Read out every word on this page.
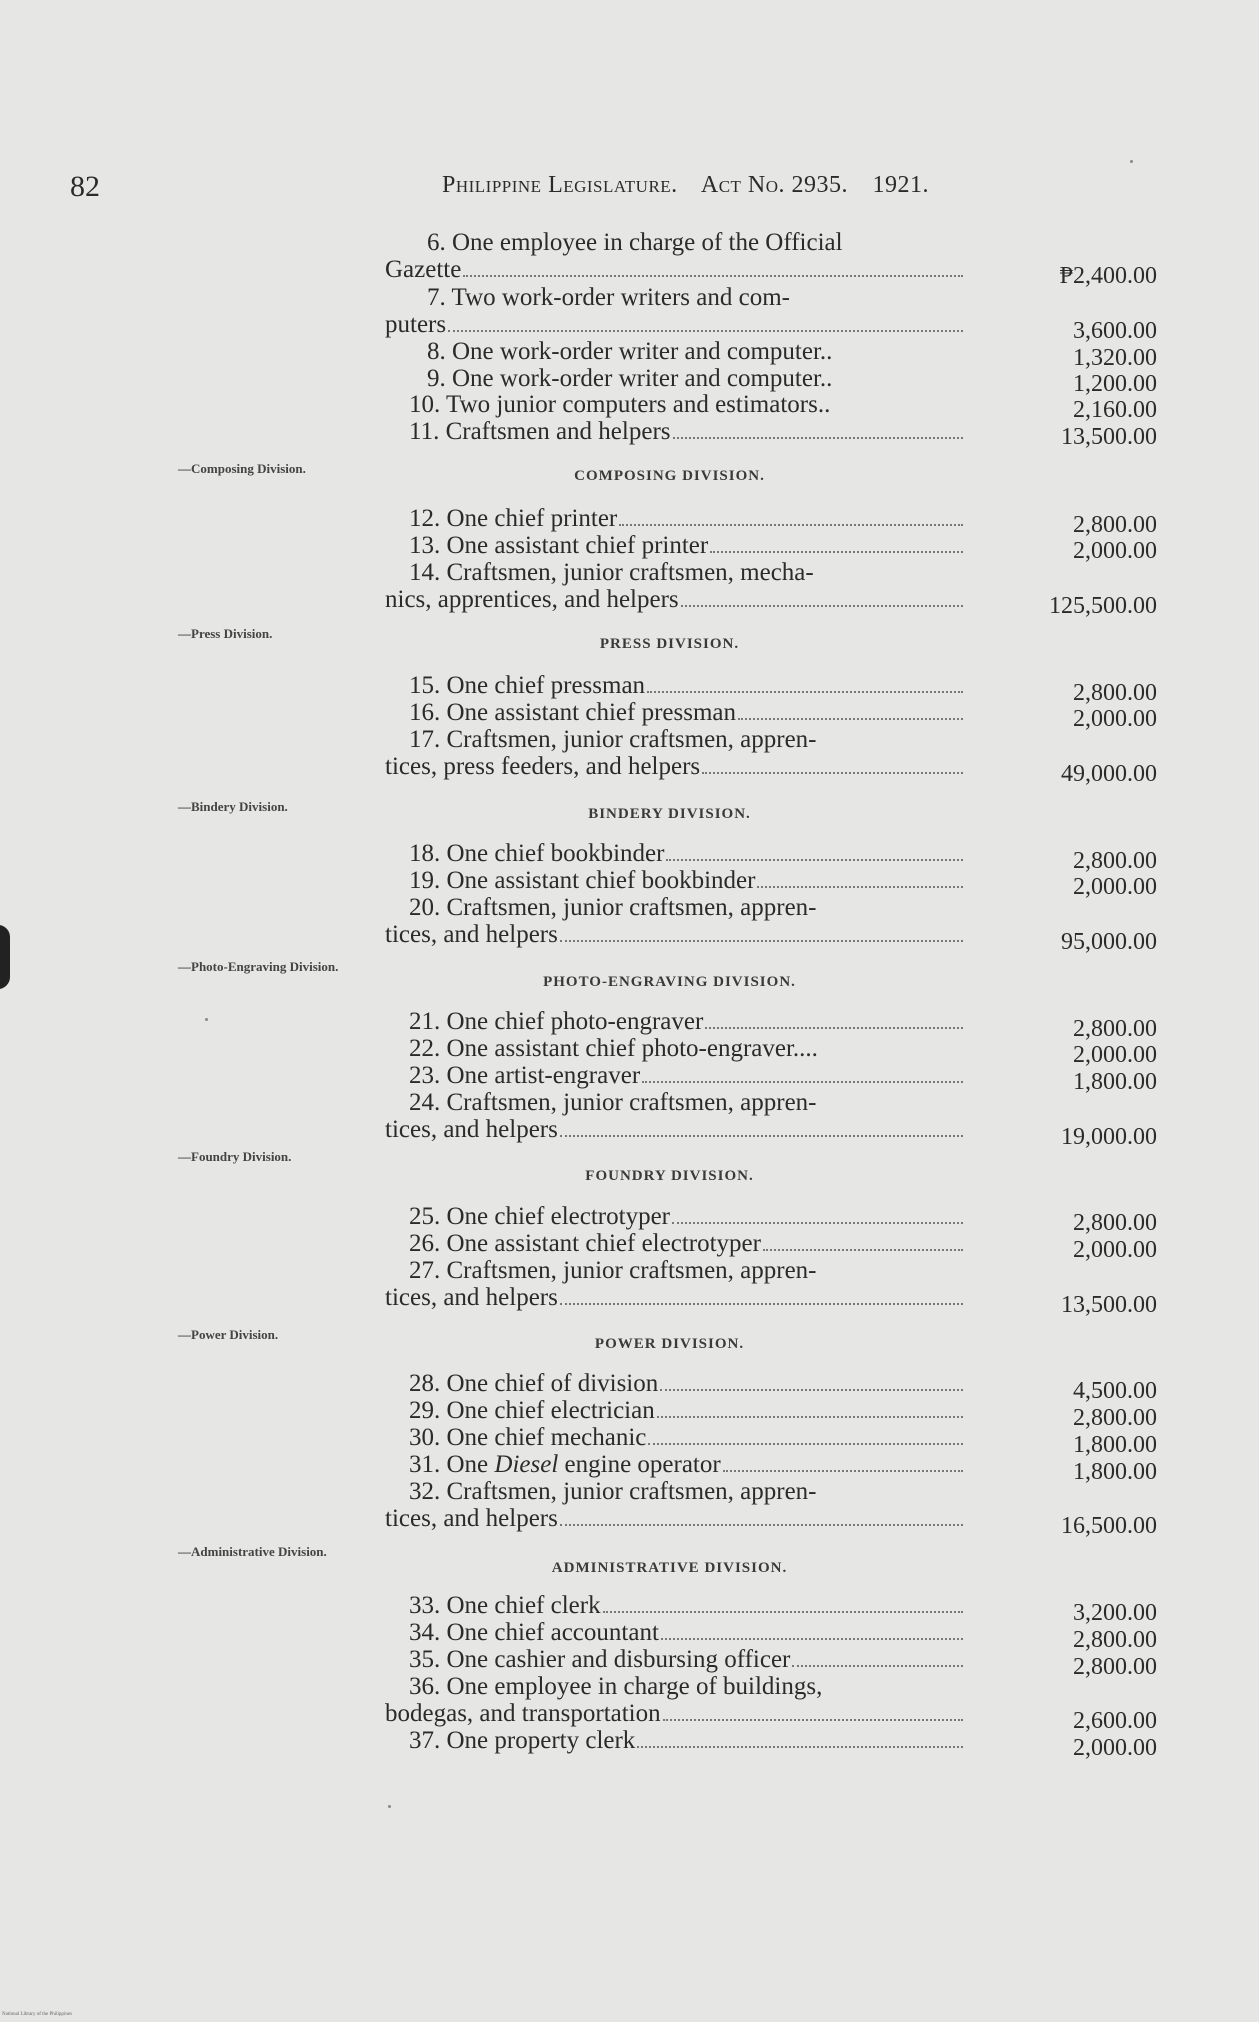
82	Philippine Legislature. Act No. 2935. 1921.
—Composing Division.
—Press Division.
—Bindery Division.
—Photo-Engraving Division.
—Foundry Division.
—Power Division.
—Administrative Division.
COMPOSING DIVISION.
PRESS DIVISION.
BINDERY DIVISION.
PHOTO-ENGRAVING DIVISION.
FOUNDRY DIVISION.
POWER DIVISION.
ADMINISTRATIVE DIVISION.
6. One employee in charge of the Official
Gazette	₱2,400.00
7. Two work-order writers and com-
puters	3,600.00
8. One work-order writer and computer..	1,320.00
9. One work-order writer and computer..	1,200.00
10. Two junior computers and estimators..	2,160.00
11. Craftsmen and helpers	13,500.00
12. One chief printer	2,800.00
13. One assistant chief printer	2,000.00
14. Craftsmen, junior craftsmen, mecha-
nics, apprentices, and helpers	125,500.00
15. One chief pressman	2,800.00
16. One assistant chief pressman	2,000.00
17. Craftsmen, junior craftsmen, appren-
tices, press feeders, and helpers	49,000.00
18. One chief bookbinder	2,800.00
19. One assistant chief bookbinder	2,000.00
20. Craftsmen, junior craftsmen, appren-
tices, and helpers	95,000.00
21. One chief photo-engraver	2,800.00
22. One assistant chief photo-engraver....	2,000.00
23. One artist-engraver	1,800.00
24. Craftsmen, junior craftsmen, appren-
tices, and helpers	19,000.00
25. One chief electrotyper	2,800.00
26. One assistant chief electrotyper	2,000.00
27. Craftsmen, junior craftsmen, appren-
tices, and helpers	13,500.00
28. One chief of division	4,500.00
29. One chief electrician	2,800.00
30. One chief mechanic	1,800.00
31. One Diesel engine operator	1,800.00
32. Craftsmen, junior craftsmen, appren-
tices, and helpers	16,500.00
33. One chief clerk	3,200.00
34. One chief accountant	2,800.00
35. One cashier and disbursing officer	2,800.00
36. One employee in charge of buildings,
bodegas, and transportation	2,600.00
37. One property clerk	2,000.00
National Library of the Philippines
